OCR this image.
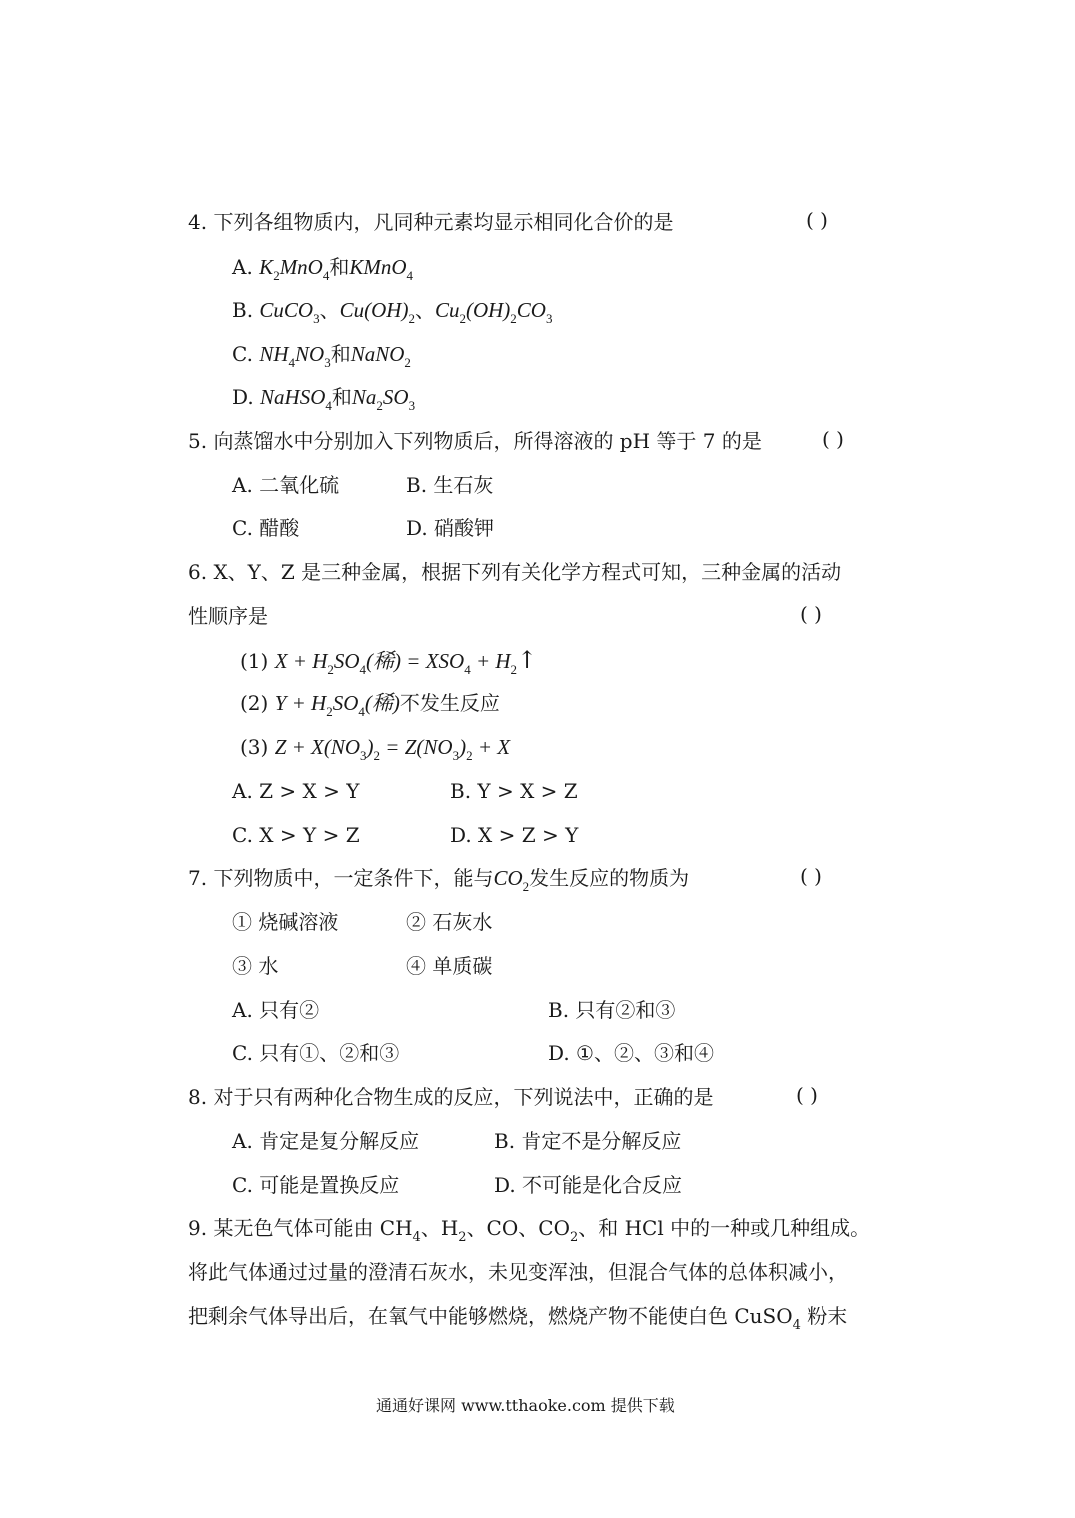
4. 下列各组物质内，凡同种元素均显示相同化合价的是	( )
A. $K_2MnO_4$和KMnO$_4$
B. CuCO$_3$、$Cu(OH)_2$、$Cu_2(OH)_2CO_3$
C. $NH_4NO_3$和NaNO$_2$
D. NaHSO$_4$和$Na_2SO_3$
5. 向蒸馏水中分别加入下列物质后，所得溶液的 pH 等于 7 的是	( )
A. 二氧化硫	B. 生石灰
C. 醋酸	D. 硝酸钾
6. X、Y、Z 是三种金属，根据下列有关化学方程式可知，三种金属的活动
性顺序是	( )
(1) $X + H_2SO_4$(稀) = $XSO_4$ + $H_2↑$
(2) $Y + H_2SO_4$(稀)不发生反应
(3) $Z + X(NO_3)_2 = Z(NO_3)_2 + X$
A. Z > X > Y	B. Y > X > Z
C. X > Y > Z	D. X > Z > Y
7. 下列物质中，一定条件下，能与$CO_2$发生反应的物质为	( )
① 烧碱溶液	② 石灰水
③ 水	④ 单质碳
A. 只有②	B. 只有②和③
C. 只有①、②和③	D. ①、②、③和④
8. 对于只有两种化合物生成的反应，下列说法中，正确的是	( )
A. 肯定是复分解反应	B. 肯定不是分解反应
C. 可能是置换反应	D. 不可能是化合反应
9. 某无色气体可能由 $CH_4$、$H_2$、CO、$CO_2$、和 HCl 中的一种或几种组成。
将此气体通过过量的澄清石灰水，未见变浑浊，但混合气体的总体积减小，
把剩余气体导出后，在氧气中能够燃烧，燃烧产物不能使白色 CuSO$_4$ 粉末
通通好课网 www.tthaoke.com 提供下载
